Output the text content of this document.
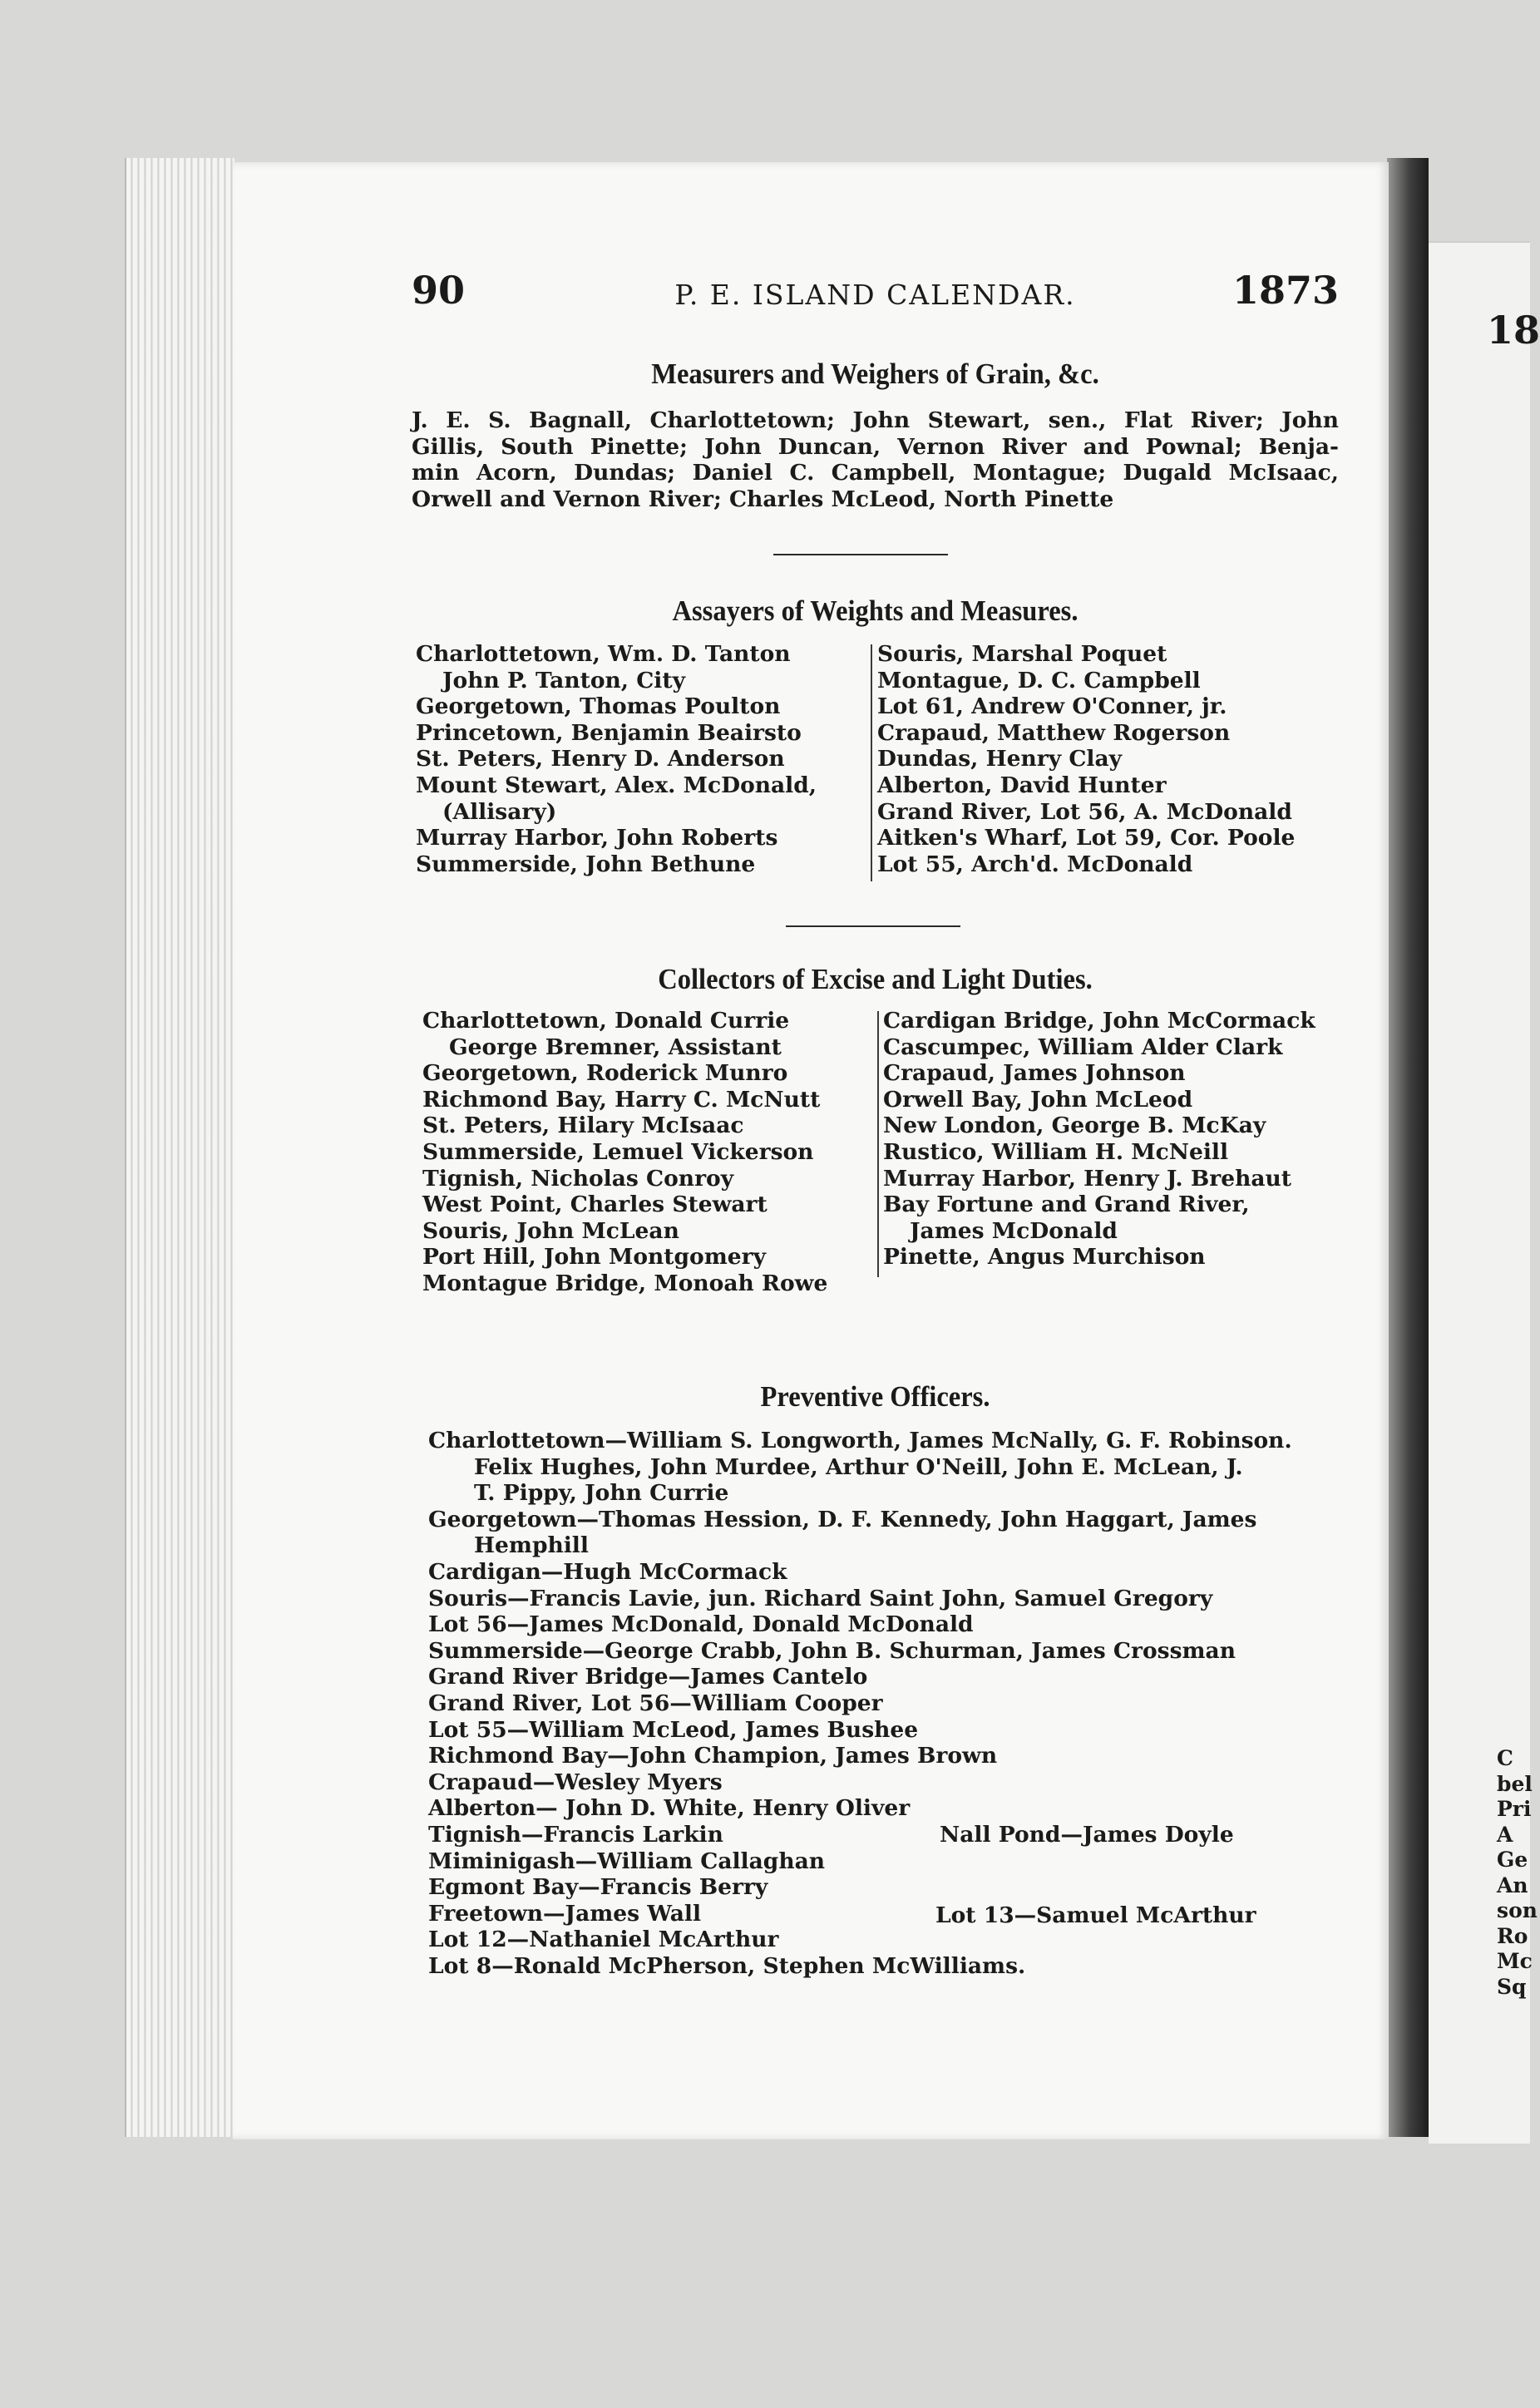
18
C
bel
Pri
A
Ge
An
son
Ro
Mc
Sq
90	P. E. ISLAND CALENDAR.	1873
Measurers and Weighers of Grain, &c.
J. E. S. Bagnall, Charlottetown; John Stewart, sen., Flat River; John
Gillis, South Pinette; John Duncan, Vernon River and Pownal; Benja-
min Acorn, Dundas; Daniel C. Campbell, Montague; Dugald McIsaac,
Orwell and Vernon River; Charles McLeod, North Pinette
Assayers of Weights and Measures.
Charlottetown, Wm. D. Tanton
John P. Tanton, City
Georgetown, Thomas Poulton
Princetown, Benjamin Beairsto
St. Peters, Henry D. Anderson
Mount Stewart, Alex. McDonald,
(Allisary)
Murray Harbor, John Roberts
Summerside, John Bethune
Souris, Marshal Poquet
Montague, D. C. Campbell
Lot 61, Andrew O'Conner, jr.
Crapaud, Matthew Rogerson
Dundas, Henry Clay
Alberton, David Hunter
Grand River, Lot 56, A. McDonald
Aitken's Wharf, Lot 59, Cor. Poole
Lot 55, Arch'd. McDonald
Collectors of Excise and Light Duties.
Charlottetown, Donald Currie
George Bremner, Assistant
Georgetown, Roderick Munro
Richmond Bay, Harry C. McNutt
St. Peters, Hilary McIsaac
Summerside, Lemuel Vickerson
Tignish, Nicholas Conroy
West Point, Charles Stewart
Souris, John McLean
Port Hill, John Montgomery
Montague Bridge, Monoah Rowe
Cardigan Bridge, John McCormack
Cascumpec, William Alder Clark
Crapaud, James Johnson
Orwell Bay, John McLeod
New London, George B. McKay
Rustico, William H. McNeill
Murray Harbor, Henry J. Brehaut
Bay Fortune and Grand River,
James McDonald
Pinette, Angus Murchison
Preventive Officers.
Charlottetown—William S. Longworth, James McNally, G. F. Robinson.
Felix Hughes, John Murdee, Arthur O'Neill, John E. McLean, J.
T. Pippy, John Currie
Georgetown—Thomas Hession, D. F. Kennedy, John Haggart, James
Hemphill
Cardigan—Hugh McCormack
Souris—Francis Lavie, jun. Richard Saint John, Samuel Gregory
Lot 56—James McDonald, Donald McDonald
Summerside—George Crabb, John B. Schurman, James Crossman
Grand River Bridge—James Cantelo
Grand River, Lot 56—William Cooper
Lot 55—William McLeod, James Bushee
Richmond Bay—John Champion, James Brown
Crapaud—Wesley Myers
Alberton— John D. White, Henry Oliver
Tignish—Francis Larkin
Miminigash—William Callaghan
Egmont Bay—Francis Berry
Freetown—James Wall
Lot 12—Nathaniel McArthur
Lot 8—Ronald McPherson, Stephen McWilliams.
Nall Pond—James Doyle
Lot 13—Samuel McArthur
